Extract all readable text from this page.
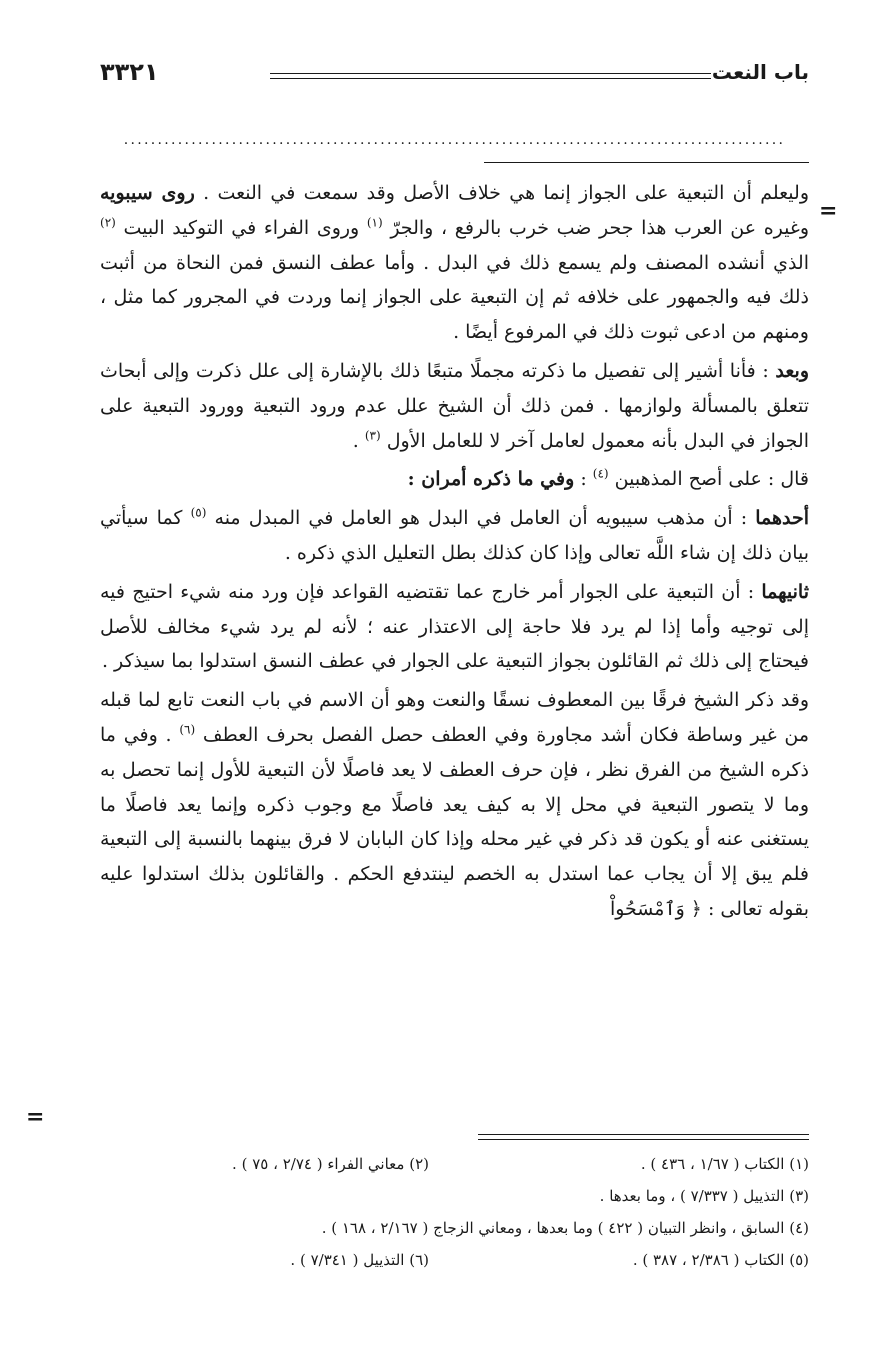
باب النعت
٣٣٢١
..................................................................................................
=

وليعلم أن التبعية على الجواز إنما هي خلاف الأصل وقد سمعت في النعت . روى سيبويه وغيره عن العرب هذا جحر ضب خرب بالرفع ، والجرّ $^{(١)}$ وروى الفراء في التوكيد البيت $^{(٢)}$ الذي أنشده المصنف ولم يسمع ذلك في البدل . وأما عطف النسق فمن النحاة من أثبت ذلك فيه والجمهور على خلافه ثم إن التبعية على الجواز إنما وردت في المجرور كما مثل ، ومنهم من ادعى ثبوت ذلك في المرفوع أيضًا .

وبعد : فأنا أشير إلى تفصيل ما ذكرته مجملًا متبعًا ذلك بالإشارة إلى علل ذكرت وإلى أبحاث تتعلق بالمسألة ولوازمها . فمن ذلك أن الشيخ علل عدم ورود التبعية وورود التبعية على الجواز في البدل بأنه معمول لعامل آخر لا للعامل الأول $^{(٣)}$ .

قال : على أصح المذهبين $^{(٤)}$ : وفي ما ذكره أمران :

أحدهما : أن مذهب سيبويه أن العامل في البدل هو العامل في المبدل منه $^{(٥)}$ كما سيأتي بيان ذلك إن شاء اللَّه تعالى وإذا كان كذلك بطل التعليل الذي ذكره .

ثانيهما : أن التبعية على الجوار أمر خارج عما تقتضيه القواعد فإن ورد منه شيء احتيج فيه إلى توجيه وأما إذا لم يرد فلا حاجة إلى الاعتذار عنه ؛ لأنه لم يرد شيء مخالف للأصل فيحتاج إلى ذلك ثم القائلون بجواز التبعية على الجوار في عطف النسق استدلوا بما سيذكر .

وقد ذكر الشيخ فرقًا بين المعطوف نسقًا والنعت وهو أن الاسم في باب النعت تابع لما قبله من غير وساطة فكان أشد مجاورة وفي العطف حصل الفصل بحرف العطف $^{(٦)}$ . وفي ما ذكره الشيخ من الفرق نظر ، فإن حرف العطف لا يعد فاصلًا لأن التبعية للأول إنما تحصل به وما لا يتصور التبعية في محل إلا به كيف يعد فاصلًا مع وجوب ذكره وإنما يعد فاصلًا ما يستغنى عنه أو يكون قد ذكر في غير محله وإذا كان البابان لا فرق بينهما بالنسبة إلى التبعية فلم يبق إلا أن يجاب عما استدل به الخصم لينتدفع الحكم . والقائلون بذلك استدلوا عليه بقوله تعالى : ﴿ وَٱمْسَحُواْ

=
(١) الكتاب ( ١/٦٧ ، ٤٣٦ ) .
(٢) معاني الفراء ( ٢/٧٤ ، ٧٥ ) .
(٣) التذييل ( ٧/٣٣٧ ) ، وما بعدها .
(٤) السابق ، وانظر التبيان ( ٤٢٢ ) وما بعدها ، ومعاني الزجاج ( ٢/١٦٧ ، ١٦٨ ) .
(٥) الكتاب ( ٢/٣٨٦ ، ٣٨٧ ) .
(٦) التذييل ( ٧/٣٤١ ) .
